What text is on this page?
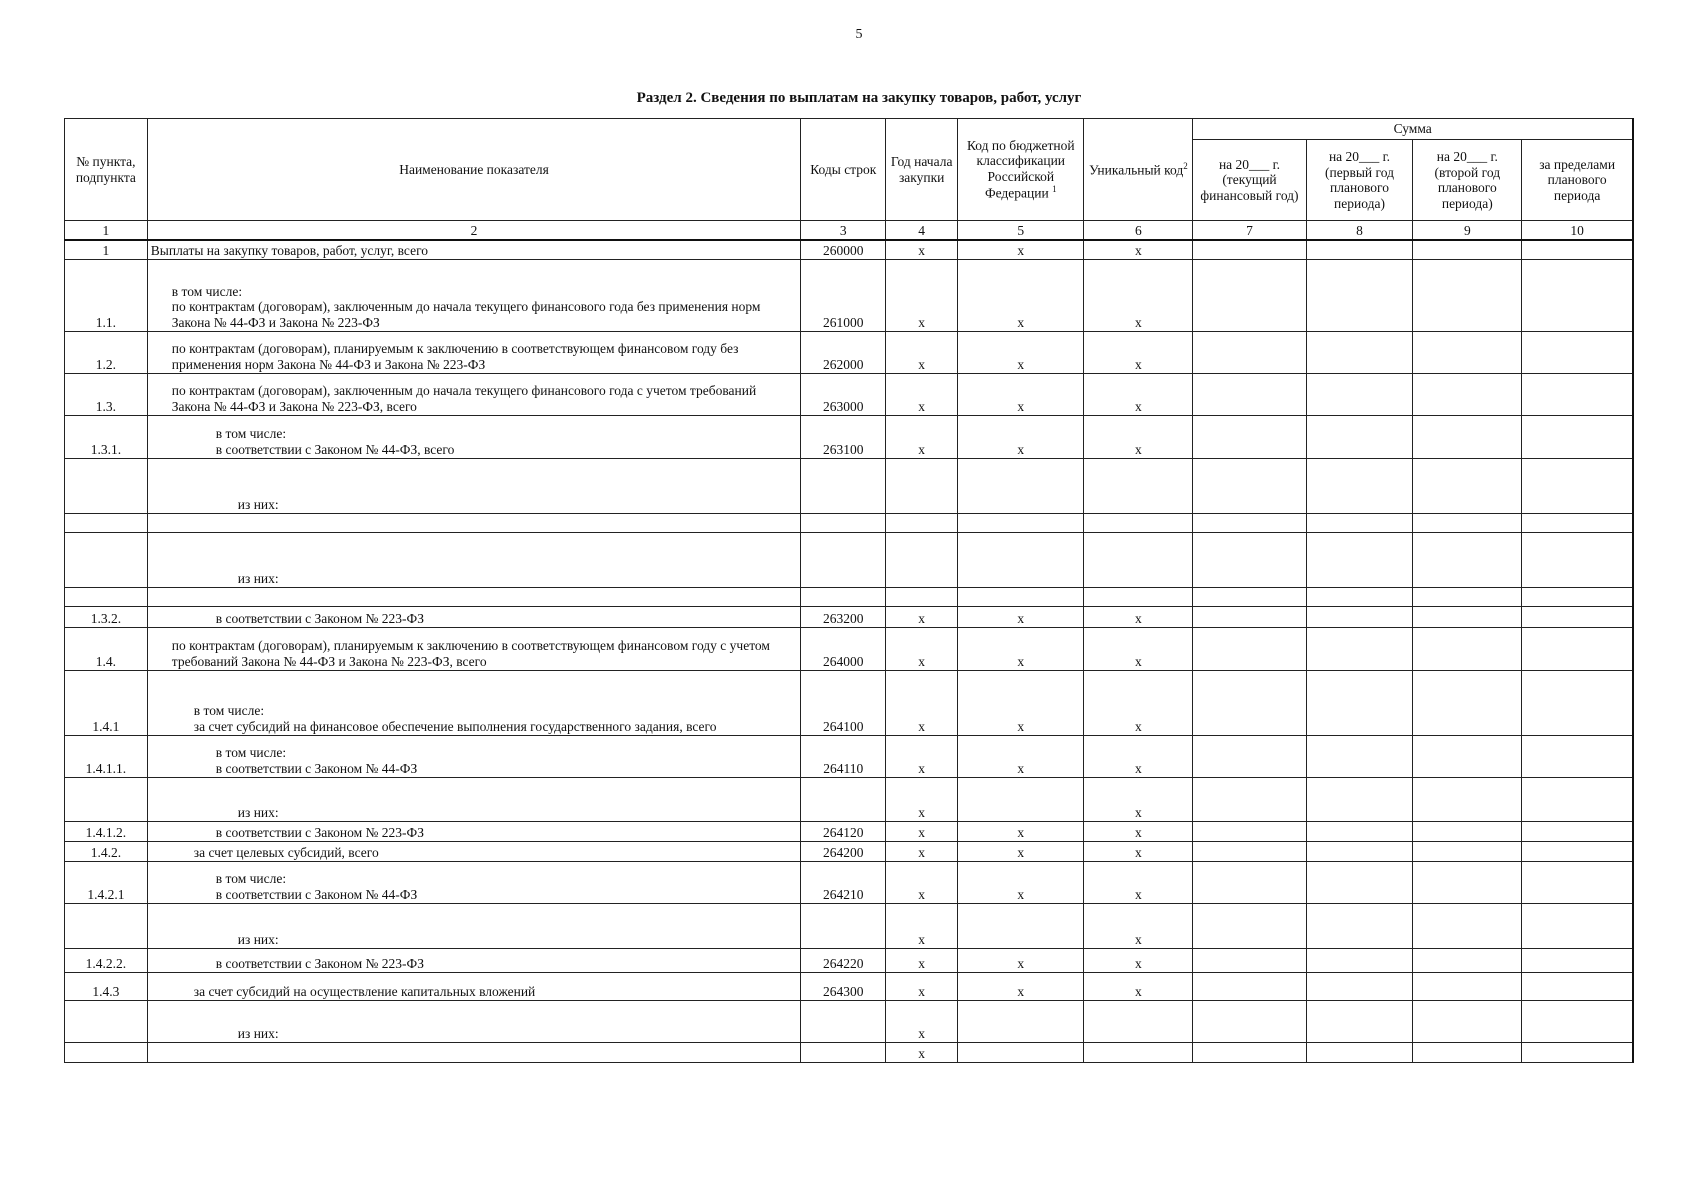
5
Раздел 2. Сведения по выплатам на закупку товаров, работ, услуг
№ пункта, подпункта	Наименование показателя	Коды строк	Год начала закупки	Код по бюджетной классификации Российской Федерации $^1$	Уникальный код$^2$	Сумма			
						на 20___ г. (текущий финансовый год)	на 20___ г. (первый год планового периода)	на 20___ г. (второй год планового периода)	за пределами планового периода
1	2	3	4	5	6	7	8	9	10
1	Выплаты на закупку товаров, работ, услуг, всего	260000	x	x	x				
1.1.	в том числе:
по контрактам (договорам), заключенным до начала текущего финансового года без применения норм Закона № 44-ФЗ и Закона № 223-ФЗ	261000	x	x	x				
1.2.	по контрактам (договорам), планируемым к заключению в соответствующем финансовом году без применения норм Закона № 44-ФЗ и Закона № 223-ФЗ	262000	x	x	x				
1.3.	по контрактам (договорам), заключенным до начала текущего финансового года с учетом требований Закона № 44-ФЗ и Закона № 223-ФЗ, всего	263000	x	x	x				
1.3.1.	в том числе:
в соответствии с Законом № 44-ФЗ, всего	263100	x	x	x				
	из них:								

	из них:								

1.3.2.	в соответствии с Законом № 223-ФЗ	263200	x	x	x				
1.4.	по контрактам (договорам), планируемым к заключению в соответствующем финансовом году с учетом требований Закона № 44-ФЗ и Закона № 223-ФЗ, всего	264000	x	x	x				
1.4.1	в том числе:
за счет субсидий на финансовое обеспечение выполнения государственного задания, всего	264100	x	x	x				
1.4.1.1.	в том числе:
в соответствии с Законом № 44-ФЗ	264110	x	x	x				
	из них:		x		x				
1.4.1.2.	в соответствии с Законом № 223-ФЗ	264120	x	x	x				
1.4.2.	за счет целевых субсидий, всего	264200	x	x	x				
1.4.2.1	в том числе:
в соответствии с Законом № 44-ФЗ	264210	x	x	x				
	из них:		x		x				
1.4.2.2.	в соответствии с Законом № 223-ФЗ	264220	x	x	x				
1.4.3	за счет субсидий на осуществление капитальных вложений	264300	x	x	x				
	из них:		x						
			x						
